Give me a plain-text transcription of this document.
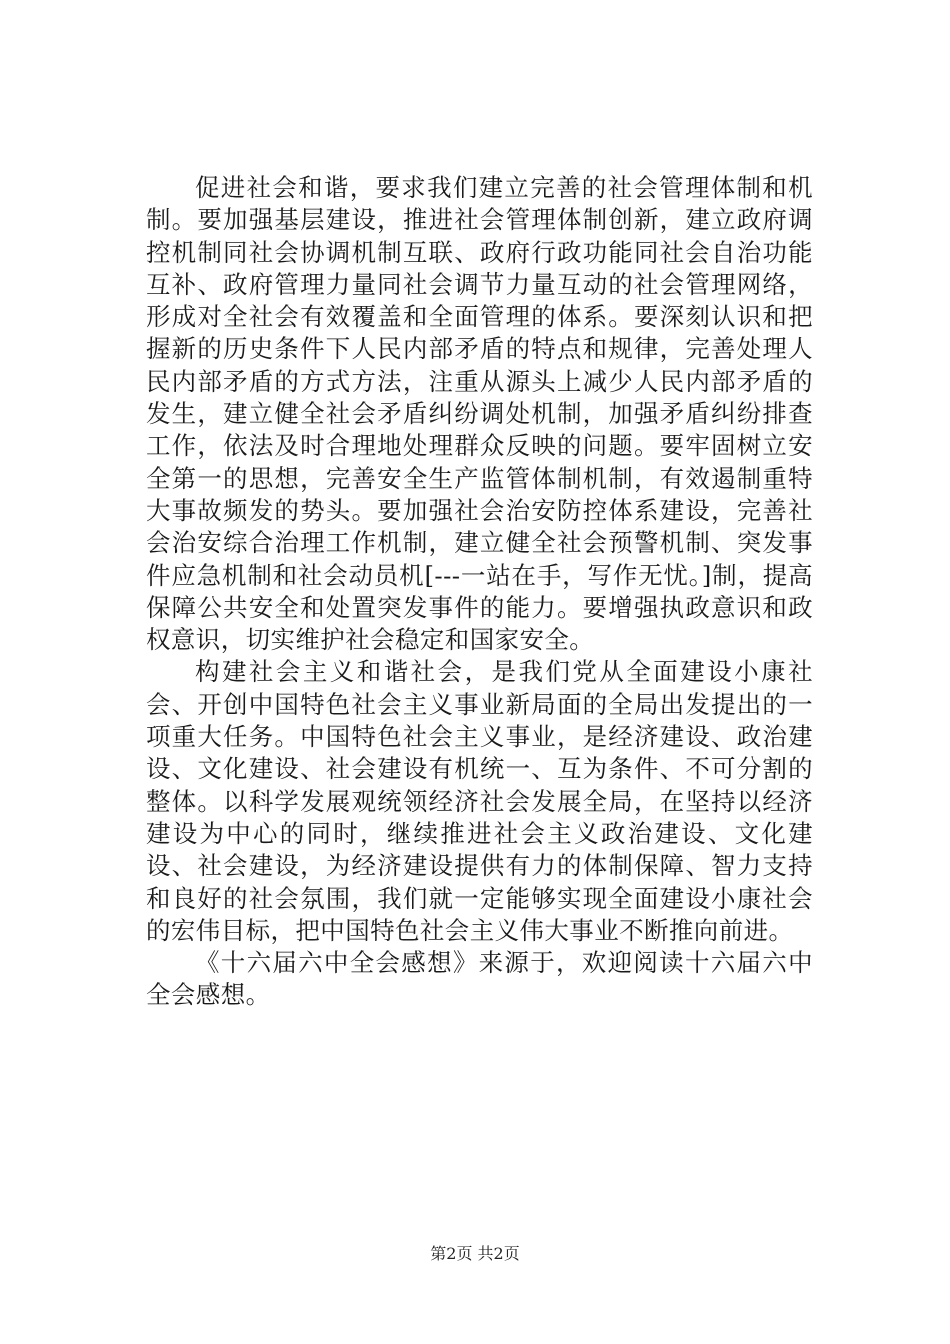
促进社会和谐，要求我们建立完善的社会管理体制和机制。要加强基层建设，推进社会管理体制创新，建立政府调控机制同社会协调机制互联、政府行政功能同社会自治功能互补、政府管理力量同社会调节力量互动的社会管理网络，形成对全社会有效覆盖和全面管理的体系。要深刻认识和把握新的历史条件下人民内部矛盾的特点和规律，完善处理人民内部矛盾的方式方法，注重从源头上减少人民内部矛盾的发生，建立健全社会矛盾纠纷调处机制，加强矛盾纠纷排查工作，依法及时合理地处理群众反映的问题。要牢固树立安全第一的思想，完善安全生产监管体制机制，有效遏制重特大事故频发的势头。要加强社会治安防控体系建设，完善社会治安综合治理工作机制，建立健全社会预警机制、突发事件应急机制和社会动员机[---一站在手，写作无忧。]制，提高保障公共安全和处置突发事件的能力。要增强执政意识和政权意识，切实维护社会稳定和国家安全。

构建社会主义和谐社会，是我们党从全面建设小康社会、开创中国特色社会主义事业新局面的全局出发提出的一项重大任务。中国特色社会主义事业，是经济建设、政治建设、文化建设、社会建设有机统一、互为条件、不可分割的整体。以科学发展观统领经济社会发展全局，在坚持以经济建设为中心的同时，继续推进社会主义政治建设、文化建设、社会建设，为经济建设提供有力的体制保障、智力支持和良好的社会氛围，我们就一定能够实现全面建设小康社会的宏伟目标，把中国特色社会主义伟大事业不断推向前进。

《十六届六中全会感想》来源于，欢迎阅读十六届六中全会感想。

第2页 共2页
